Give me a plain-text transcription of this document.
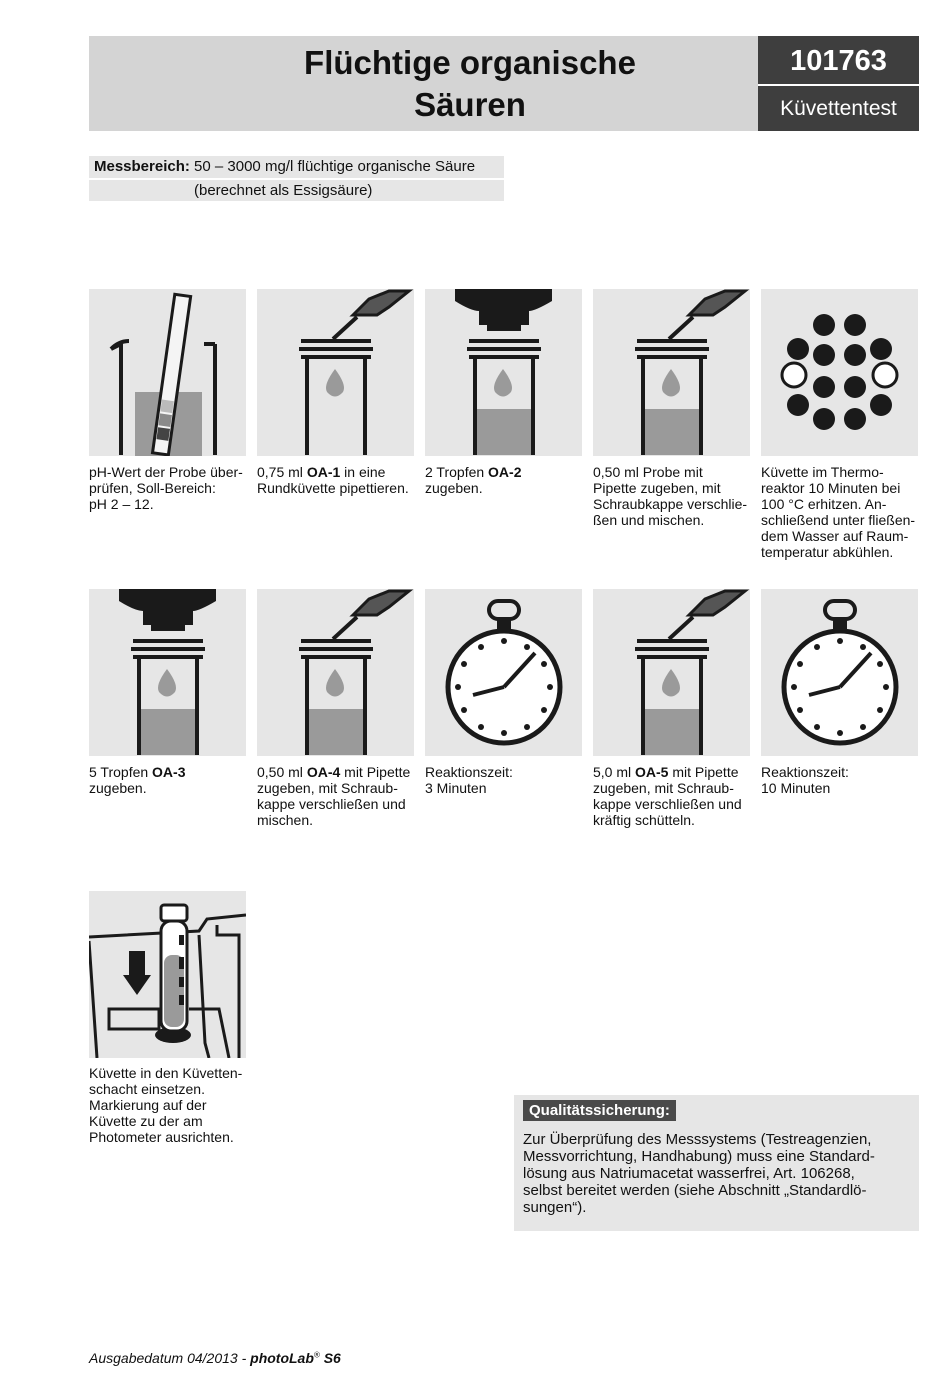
Flüchtige organische
Säuren
101763
Küvettentest
Messbereich: 50 – 3000 mg/l flüchtige organische Säure
(berechnet als Essigsäure)
pH-Wert der Probe über-
prüfen, Soll-Bereich:
pH 2 – 12.
0,75 ml OA-1 in eine
Rundküvette pipettieren.
2 Tropfen OA-2
zugeben.
0,50 ml Probe mit
Pipette zugeben, mit
Schraubkappe verschlie-
ßen und mischen.
Küvette im Thermo-
reaktor 10 Minuten bei
100 °C erhitzen. An-
schließend unter fließen-
dem Wasser auf Raum-
temperatur abkühlen.
5 Tropfen OA-3
zugeben.
0,50 ml OA-4 mit Pipette
zugeben, mit Schraub-
kappe verschließen und
mischen.
Reaktionszeit:
3 Minuten
5,0 ml OA-5 mit Pipette
zugeben, mit Schraub-
kappe verschließen und
kräftig schütteln.
Reaktionszeit:
10 Minuten
Küvette in den Küvetten-
schacht einsetzen.
Markierung auf der
Küvette zu der am
Photometer ausrichten.
Qualitätssicherung:
Zur Überprüfung des Messsystems (Testreagenzien,
Messvorrichtung, Handhabung) muss eine Standard-
lösung aus Natriumacetat wasserfrei, Art. 106268,
selbst bereitet werden (siehe Abschnitt „Standardlö-
sungen“).
Ausgabedatum 04/2013 - photoLab® S6
